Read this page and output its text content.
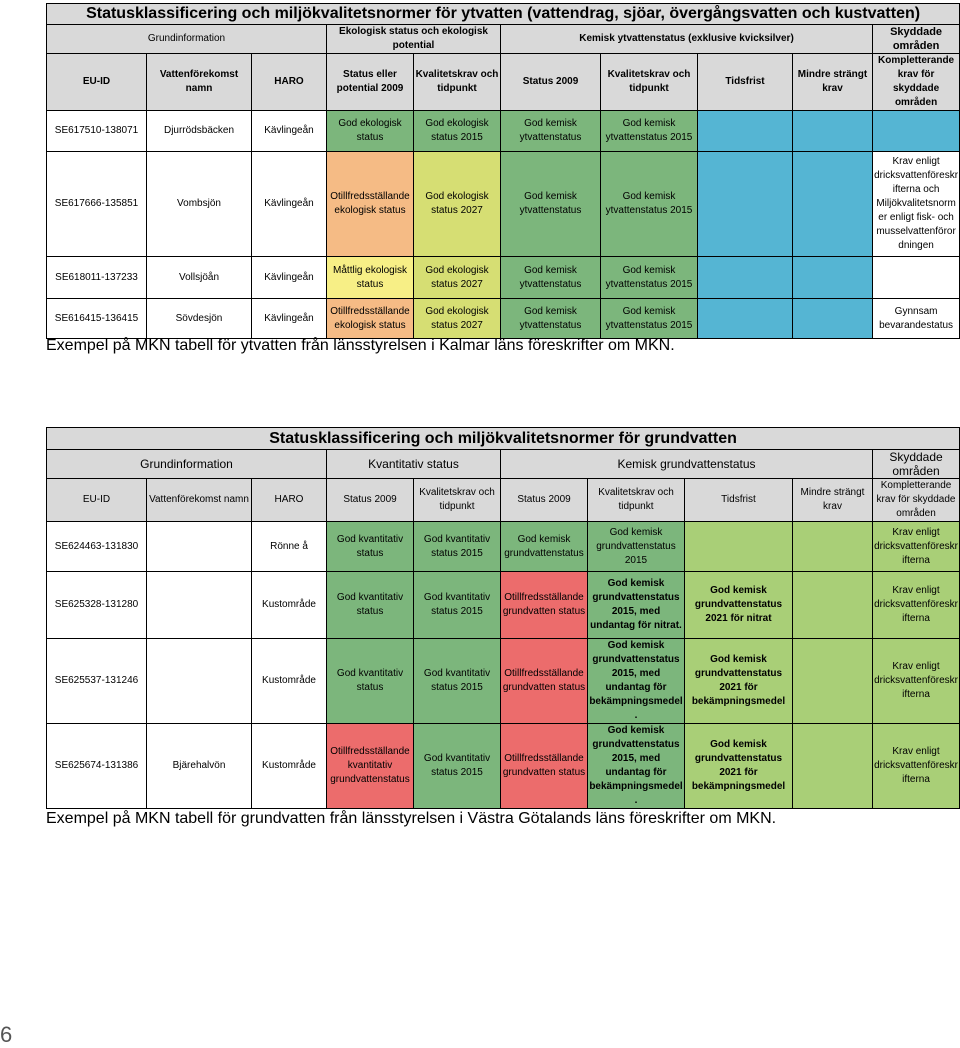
Statusklassificering och miljökvalitetsnormer för ytvatten (vattendrag, sjöar, övergångsvatten och kustvatten)									
Grundinformation			Ekologisk status och ekologisk potential		Kemisk ytvattenstatus (exklusive kvicksilver)				Skyddade områden
EU-ID	Vattenförekomst namn	HARO	Status eller potential 2009	Kvalitetskrav och tidpunkt	Status 2009	Kvalitetskrav och tidpunkt	Tidsfrist	Mindre strängt krav	Kompletterande krav för skyddade områden
SE617510-138071	Djurrödsbäcken	Kävlingeån	God ekologisk status	God ekologisk status 2015	God kemisk ytvattenstatus	God kemisk ytvattenstatus 2015			
SE617666-135851	Vombsjön	Kävlingeån	Otillfredsställande ekologisk status	God ekologisk status 2027	God kemisk ytvattenstatus	God kemisk ytvattenstatus 2015			Krav enligt dricksvattenföreskrifterna och Miljökvalitetsnormer enligt fisk- och musselvattenförordningen
SE618011-137233	Vollsjöån	Kävlingeån	Måttlig ekologisk status	God ekologisk status 2027	God kemisk ytvattenstatus	God kemisk ytvattenstatus 2015			
SE616415-136415	Sövdesjön	Kävlingeån	Otillfredsställande ekologisk status	God ekologisk status 2027	God kemisk ytvattenstatus	God kemisk ytvattenstatus 2015			Gynnsam bevarandestatus
Exempel på MKN tabell för ytvatten från länsstyrelsen i Kalmar läns föreskrifter om MKN.
Statusklassificering och miljökvalitetsnormer för grundvatten									
Grundinformation			Kvantitativ status		Kemisk grundvattenstatus				Skyddade områden
EU-ID	Vattenförekomst namn	HARO	Status 2009	Kvalitetskrav och tidpunkt	Status 2009	Kvalitetskrav och tidpunkt	Tidsfrist	Mindre strängt krav	Kompletterande krav för skyddade områden
SE624463-131830		Rönne å	God kvantitativ status	God kvantitativ status 2015	God kemisk grundvattenstatus	God kemisk grundvattenstatus 2015			Krav enligt dricksvattenföreskrifterna
SE625328-131280		Kustområde	God kvantitativ status	God kvantitativ status 2015	Otillfredsställande grundvatten status	God kemisk grundvattenstatus 2015, med undantag för nitrat.	God kemisk grundvattenstatus 2021 för nitrat		Krav enligt dricksvattenföreskrifterna
SE625537-131246		Kustområde	God kvantitativ status	God kvantitativ status 2015	Otillfredsställande grundvatten status	God kemisk grundvattenstatus 2015, med undantag för bekämpningsmedel.	God kemisk grundvattenstatus 2021 för bekämpningsmedel		Krav enligt dricksvattenföreskrifterna
SE625674-131386	Bjärehalvön	Kustområde	Otillfredsställande kvantitativ grundvattenstatus	God kvantitativ status 2015	Otillfredsställande grundvatten status	God kemisk grundvattenstatus 2015, med undantag för bekämpningsmedel.	God kemisk grundvattenstatus 2021 för bekämpningsmedel		Krav enligt dricksvattenföreskrifterna
Exempel på MKN tabell för grundvatten från länsstyrelsen i Västra Götalands läns föreskrifter om MKN.
6
